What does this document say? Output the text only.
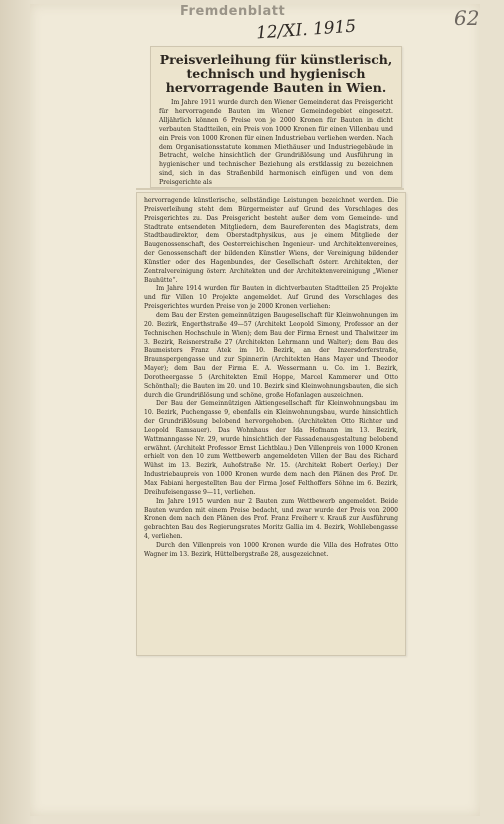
Fremdenblatt
12/XI. 1915	62
Preisverleihung für künstlerisch, technisch und hygienisch hervorragende Bauten in Wien.
Im Jahre 1911 wurde durch den Wiener Gemeinderat das Preisgericht für hervorragende Bauten im Wiener Gemeindegebiet eingesetzt. Alljährlich können 6 Preise von je 2000 Kronen für Bauten in dicht verbauten Stadtteilen, ein Preis von 1000 Kronen für einen Villenbau und ein Preis von 1000 Kronen für einen Industriebau verliehen werden. Nach dem Organisationsstatute kommen Miethäuser und Industriegebäude in Betracht, welche hinsichtlich der Grundrißlösung und Ausführung in hygienischer und technischer Beziehung als erstklassig zu bezeichnen sind, sich in das Straßenbild harmonisch einfügen und von dem Preisgerichte als
hervorragende künstlerische, selbständige Leistungen bezeichnet werden. Die Preisverleihung steht dem Bürgermeister auf Grund des Vorschlages des Preisgerichtes zu. Das Preisgericht besteht außer dem vom Gemeinde- und Stadtrate entsendeten Mitgliedern, dem Baureferenten des Magistrats, dem Stadtbaudirektor, dem Oberstadtphysikus, aus je einem Mitgliede der Baugenossenschaft, des Oesterreichischen Ingenieur- und Architektenvereines, der Genossenschaft der bildenden Künstler Wiens, der Vereinigung bildender Künstler oder des Hagenbundes, der Gesellschaft österr. Architekten, der Zentralvereinigung österr. Architekten und der Architektenvereinigung „Wiener Bauhütte“.
Im Jahre 1914 wurden für Bauten in dichtverbauten Stadtteilen 25 Projekte und für Villen 10 Projekte angemeldet. Auf Grund des Vorschlages des Preisgerichtes wurden Preise von je 2000 Kronen verliehen:
dem Bau der Ersten gemeinnützigen Baugesellschaft für Kleinwohnungen im 20. Bezirk, Engerthstraße 49—57 (Architekt Leopold Simony, Professor an der Technischen Hochschule in Wien); dem Bau der Firma Ernest und Thalwitzer im 3. Bezirk, Reisnerstraße 27 (Architekten Lehrmann und Walter); dem Bau des Baumeisters Franz Atek im 10. Bezirk, an der Inzersdorferstraße, Braunspergengasse und zur Spinnerin (Architekten Hans Mayer und Theodor Mayer); dem Bau der Firma E. A. Wessermann u. Co. im 1. Bezirk, Dorotheergasse 5 (Architekten Emil Hoppe, Marcel Kammerer und Otto Schönthal); die Bauten im 20. und 10. Bezirk sind Kleinwohnungsbauten, die sich durch die Grundrißlösung und schöne, große Hofanlagen auszeichnen.
Der Bau der Gemeinnützigen Aktiengesellschaft für Kleinwohnungsbau im 10. Bezirk, Puchengasse 9, ebenfalls ein Kleinwohnungsbau, wurde hinsichtlich der Grundrißlösung belobend hervorgehoben. (Architekten Otto Richter und Leopold Ramsauer). Das Wohnhaus der Ida Hofmann im 13. Bezirk, Wattmanngasse Nr. 29, wurde hinsichtlich der Fassadenausgestaltung belobend erwähnt. (Architekt Professor Ernst Lichtblau.) Den Villenpreis von 1000 Kronen erhielt von den 10 zum Wettbewerb angemeldeten Villen der Bau des Richard Wühst im 13. Bezirk, Auhofstraße Nr. 15. (Architekt Robert Oerley.) Der Industriebaupreis von 1000 Kronen wurde dem nach den Plänen des Prof. Dr. Max Fabiani hergestellten Bau der Firma Josef Felthoffers Söhne im 6. Bezirk, Dreihufeisengasse 9—11, verliehen.
Im Jahre 1915 wurden nur 2 Bauten zum Wettbewerb angemeldet. Beide Bauten wurden mit einem Preise bedacht, und zwar wurde der Preis von 2000 Kronen dem nach den Plänen des Prof. Franz Freiherr v. Krauß zur Ausführung gebrachten Bau des Regierungsrates Moritz Gallia im 4. Bezirk, Wohllebengasse 4, verliehen.
Durch den Villenpreis von 1000 Kronen wurde die Villa des Hofrates Otto Wagner im 13. Bezirk, Hüttelbergstraße 28, ausgezeichnet.
